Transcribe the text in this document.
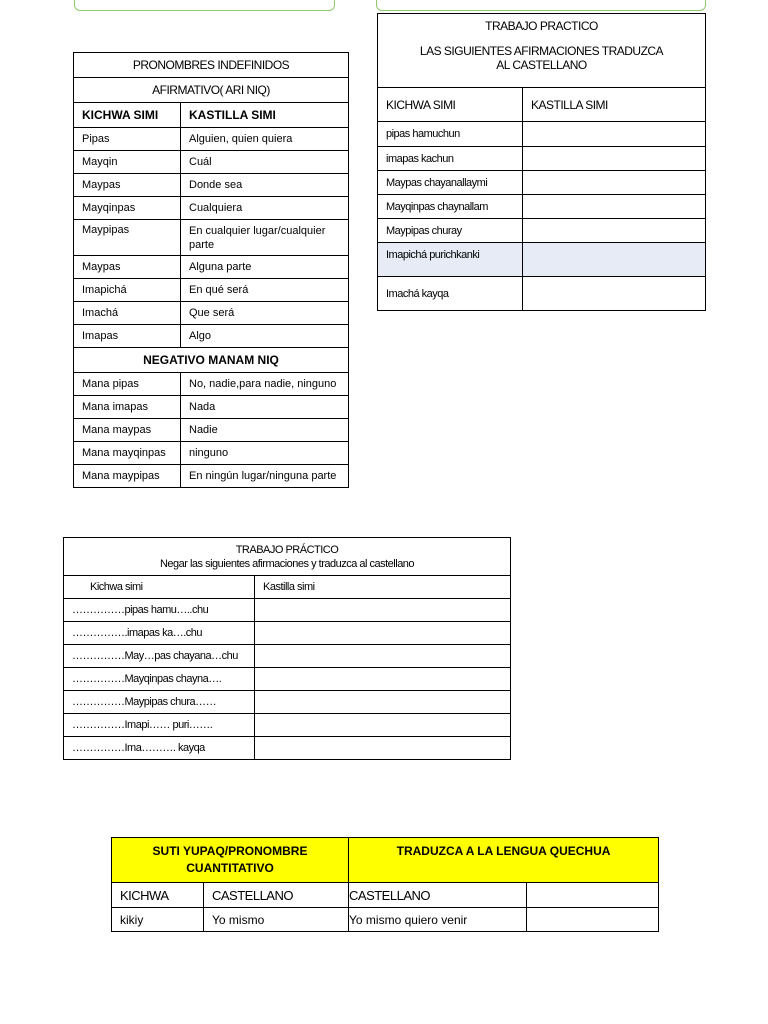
PRONOMBRES INDEFINIDOS	
AFIRMATIVO( ARI NIQ)	
KICHWA SIMI	KASTILLA SIMI
Pipas	Alguien, quien quiera
Mayqin	Cuál
Maypas	Donde sea
Mayqinpas	Cualquiera
Maypipas	En cualquier lugar/cualquier parte
Maypas	Alguna parte
Imapichá	En qué será
Imachá	Que será
Imapas	Algo
NEGATIVO MANAM NIQ	
Mana pipas	No, nadie,para nadie, ninguno
Mana imapas	Nada
Mana maypas	Nadie
Mana mayqinpas	ninguno
Mana maypipas	En ningún lugar/ninguna parte
TRABAJO PRACTICO
LAS SIGUIENTES AFIRMACIONES TRADUZCA AL CASTELLANO	

KICHWA SIMI	KASTILLA SIMI
pipas hamuchun	
imapas kachun	
Maypas chayanallaymi	
Mayqinpas chaynallam	
Maypipas churay	
Imapichá purichkanki	
Imachá kayqa	
TRABAJO PRÁCTICO
Negar las siguientes afirmaciones y traduzca al castellano	

Kichwa simi	Kastilla simi
……………pipas hamu…..chu	
…………….imapas ka….chu	
……………May…pas chayana…chu	
……………Mayqinpas chayna….	
……………Maypipas chura……	
……………Imapi…… puri…….	
……………Ima………. kayqa	
SUTI YUPAQ/PRONOMBRE CUANTITATIVO		TRADUZCA A LA LENGUA QUECHUA	
KICHWA	CASTELLANO	CASTELLANO	
kikiy	Yo mismo	Yo mismo quiero venir	
